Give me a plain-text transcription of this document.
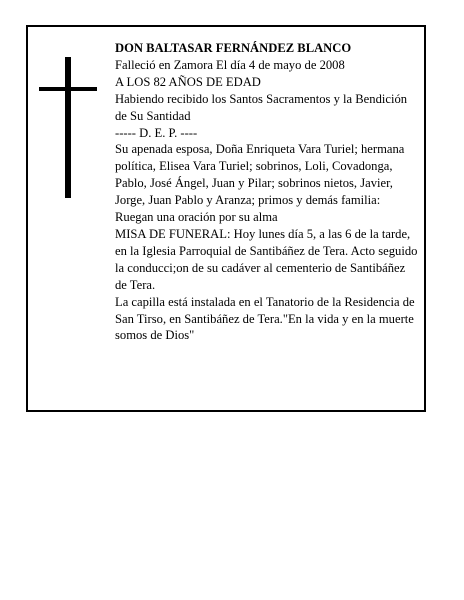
DON BALTASAR FERNÁNDEZ BLANCO

Falleció en Zamora El día 4 de mayo de 2008

A LOS 82 AÑOS DE EDAD

Habiendo recibido los Santos Sacramentos y la Bendición de Su Santidad

----- D. E. P. ----

Su apenada esposa, Doña Enriqueta Vara Turiel; hermana política, Elisea Vara Turiel; sobrinos, Loli, Covadonga, Pablo, José Ángel, Juan y Pilar; sobrinos nietos, Javier, Jorge, Juan Pablo y Aranza; primos y demás familia:

Ruegan una oración por su alma

MISA DE FUNERAL: Hoy lunes día 5, a las 6 de la tarde, en la Iglesia Parroquial de Santibáñez de Tera. Acto seguido la conducci;on de su cadáver al cementerio de Santibáñez de Tera.

La capilla está instalada en el Tanatorio de la Residencia de San Tirso, en Santibáñez de Tera."En la vida y en la muerte somos de Dios"
